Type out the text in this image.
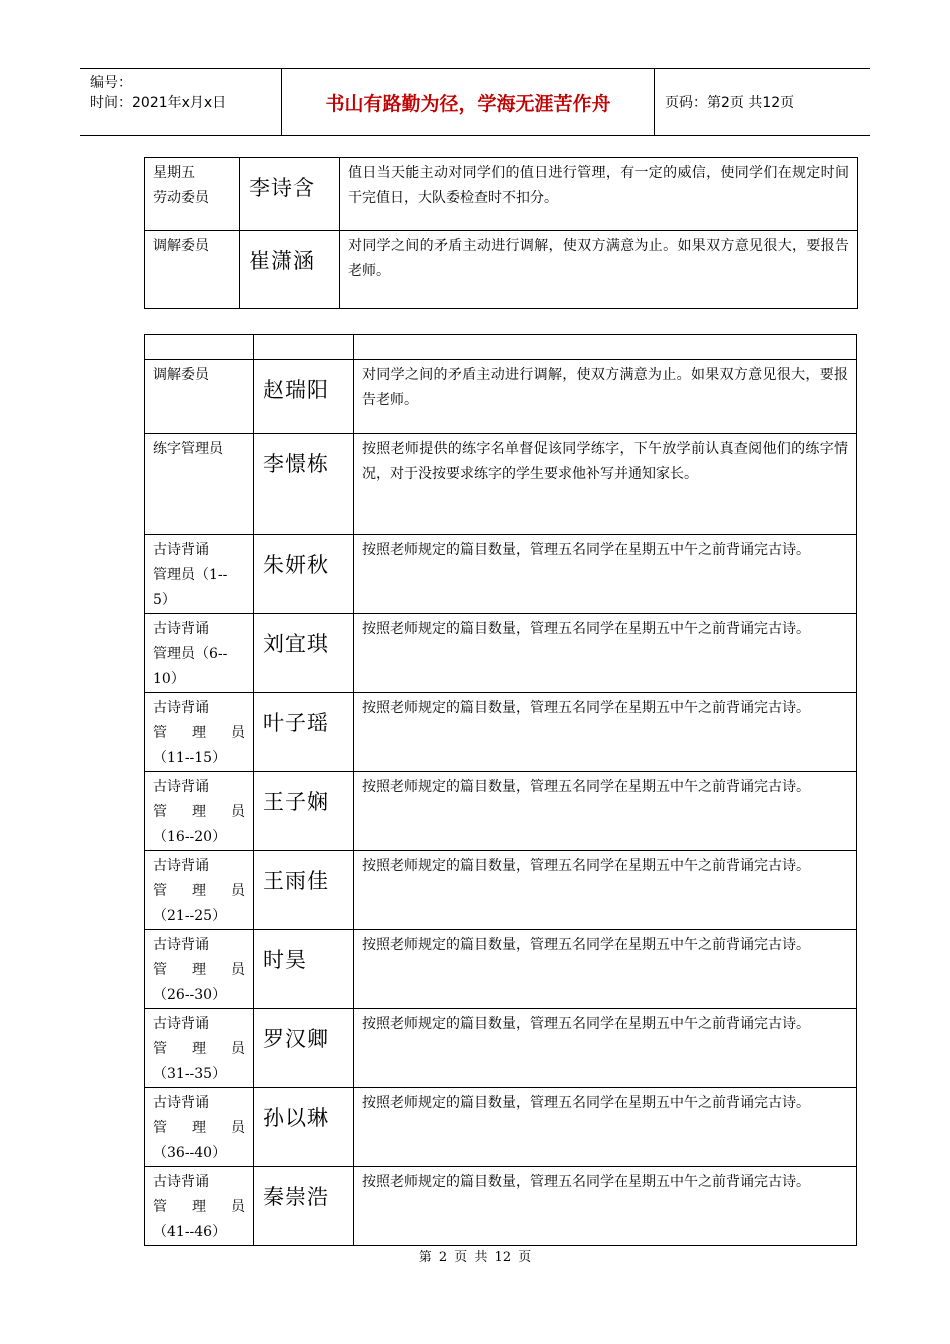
编号：
时间：2021年x月x日	书山有路勤为径，学海无涯苦作舟	页码：第2页 共12页
星期五
劳动委员	李诗含	值日当天能主动对同学们的值日进行管理，有一定的威信，使同学们在规定时间干完值日，大队委检查时不扣分。

调解委员	崔潇涵	对同学之间的矛盾主动进行调解，使双方满意为止。如果双方意见很大，要报告老师。

调解委员	赵瑞阳	对同学之间的矛盾主动进行调解，使双方满意为止。如果双方意见很大，要报告老师。

练字管理员	李憬栋	按照老师提供的练字名单督促该同学练字，下午放学前认真查阅他们的练字情况，对于没按要求练字的学生要求他补写并通知家长。

古诗背诵
管理员（1--
5）	朱妍秋	按照老师规定的篇目数量，管理五名同学在星期五中午之前背诵完古诗。

古诗背诵
管理员（6--
10）	刘宜琪	按照老师规定的篇目数量，管理五名同学在星期五中午之前背诵完古诗。

古诗背诵
管 理 员
（11--15）	叶子瑶	按照老师规定的篇目数量，管理五名同学在星期五中午之前背诵完古诗。

古诗背诵
管 理 员
（16--20）	王子娴	按照老师规定的篇目数量，管理五名同学在星期五中午之前背诵完古诗。

古诗背诵
管 理 员
（21--25）	王雨佳	按照老师规定的篇目数量，管理五名同学在星期五中午之前背诵完古诗。

古诗背诵
管 理 员
（26--30）	时昊	按照老师规定的篇目数量，管理五名同学在星期五中午之前背诵完古诗。

古诗背诵
管 理 员
（31--35）	罗汉卿	按照老师规定的篇目数量，管理五名同学在星期五中午之前背诵完古诗。

古诗背诵
管 理 员
（36--40）	孙以琳	按照老师规定的篇目数量，管理五名同学在星期五中午之前背诵完古诗。

古诗背诵
管 理 员
（41--46）	秦崇浩	按照老师规定的篇目数量，管理五名同学在星期五中午之前背诵完古诗。
第 2 页 共 12 页
